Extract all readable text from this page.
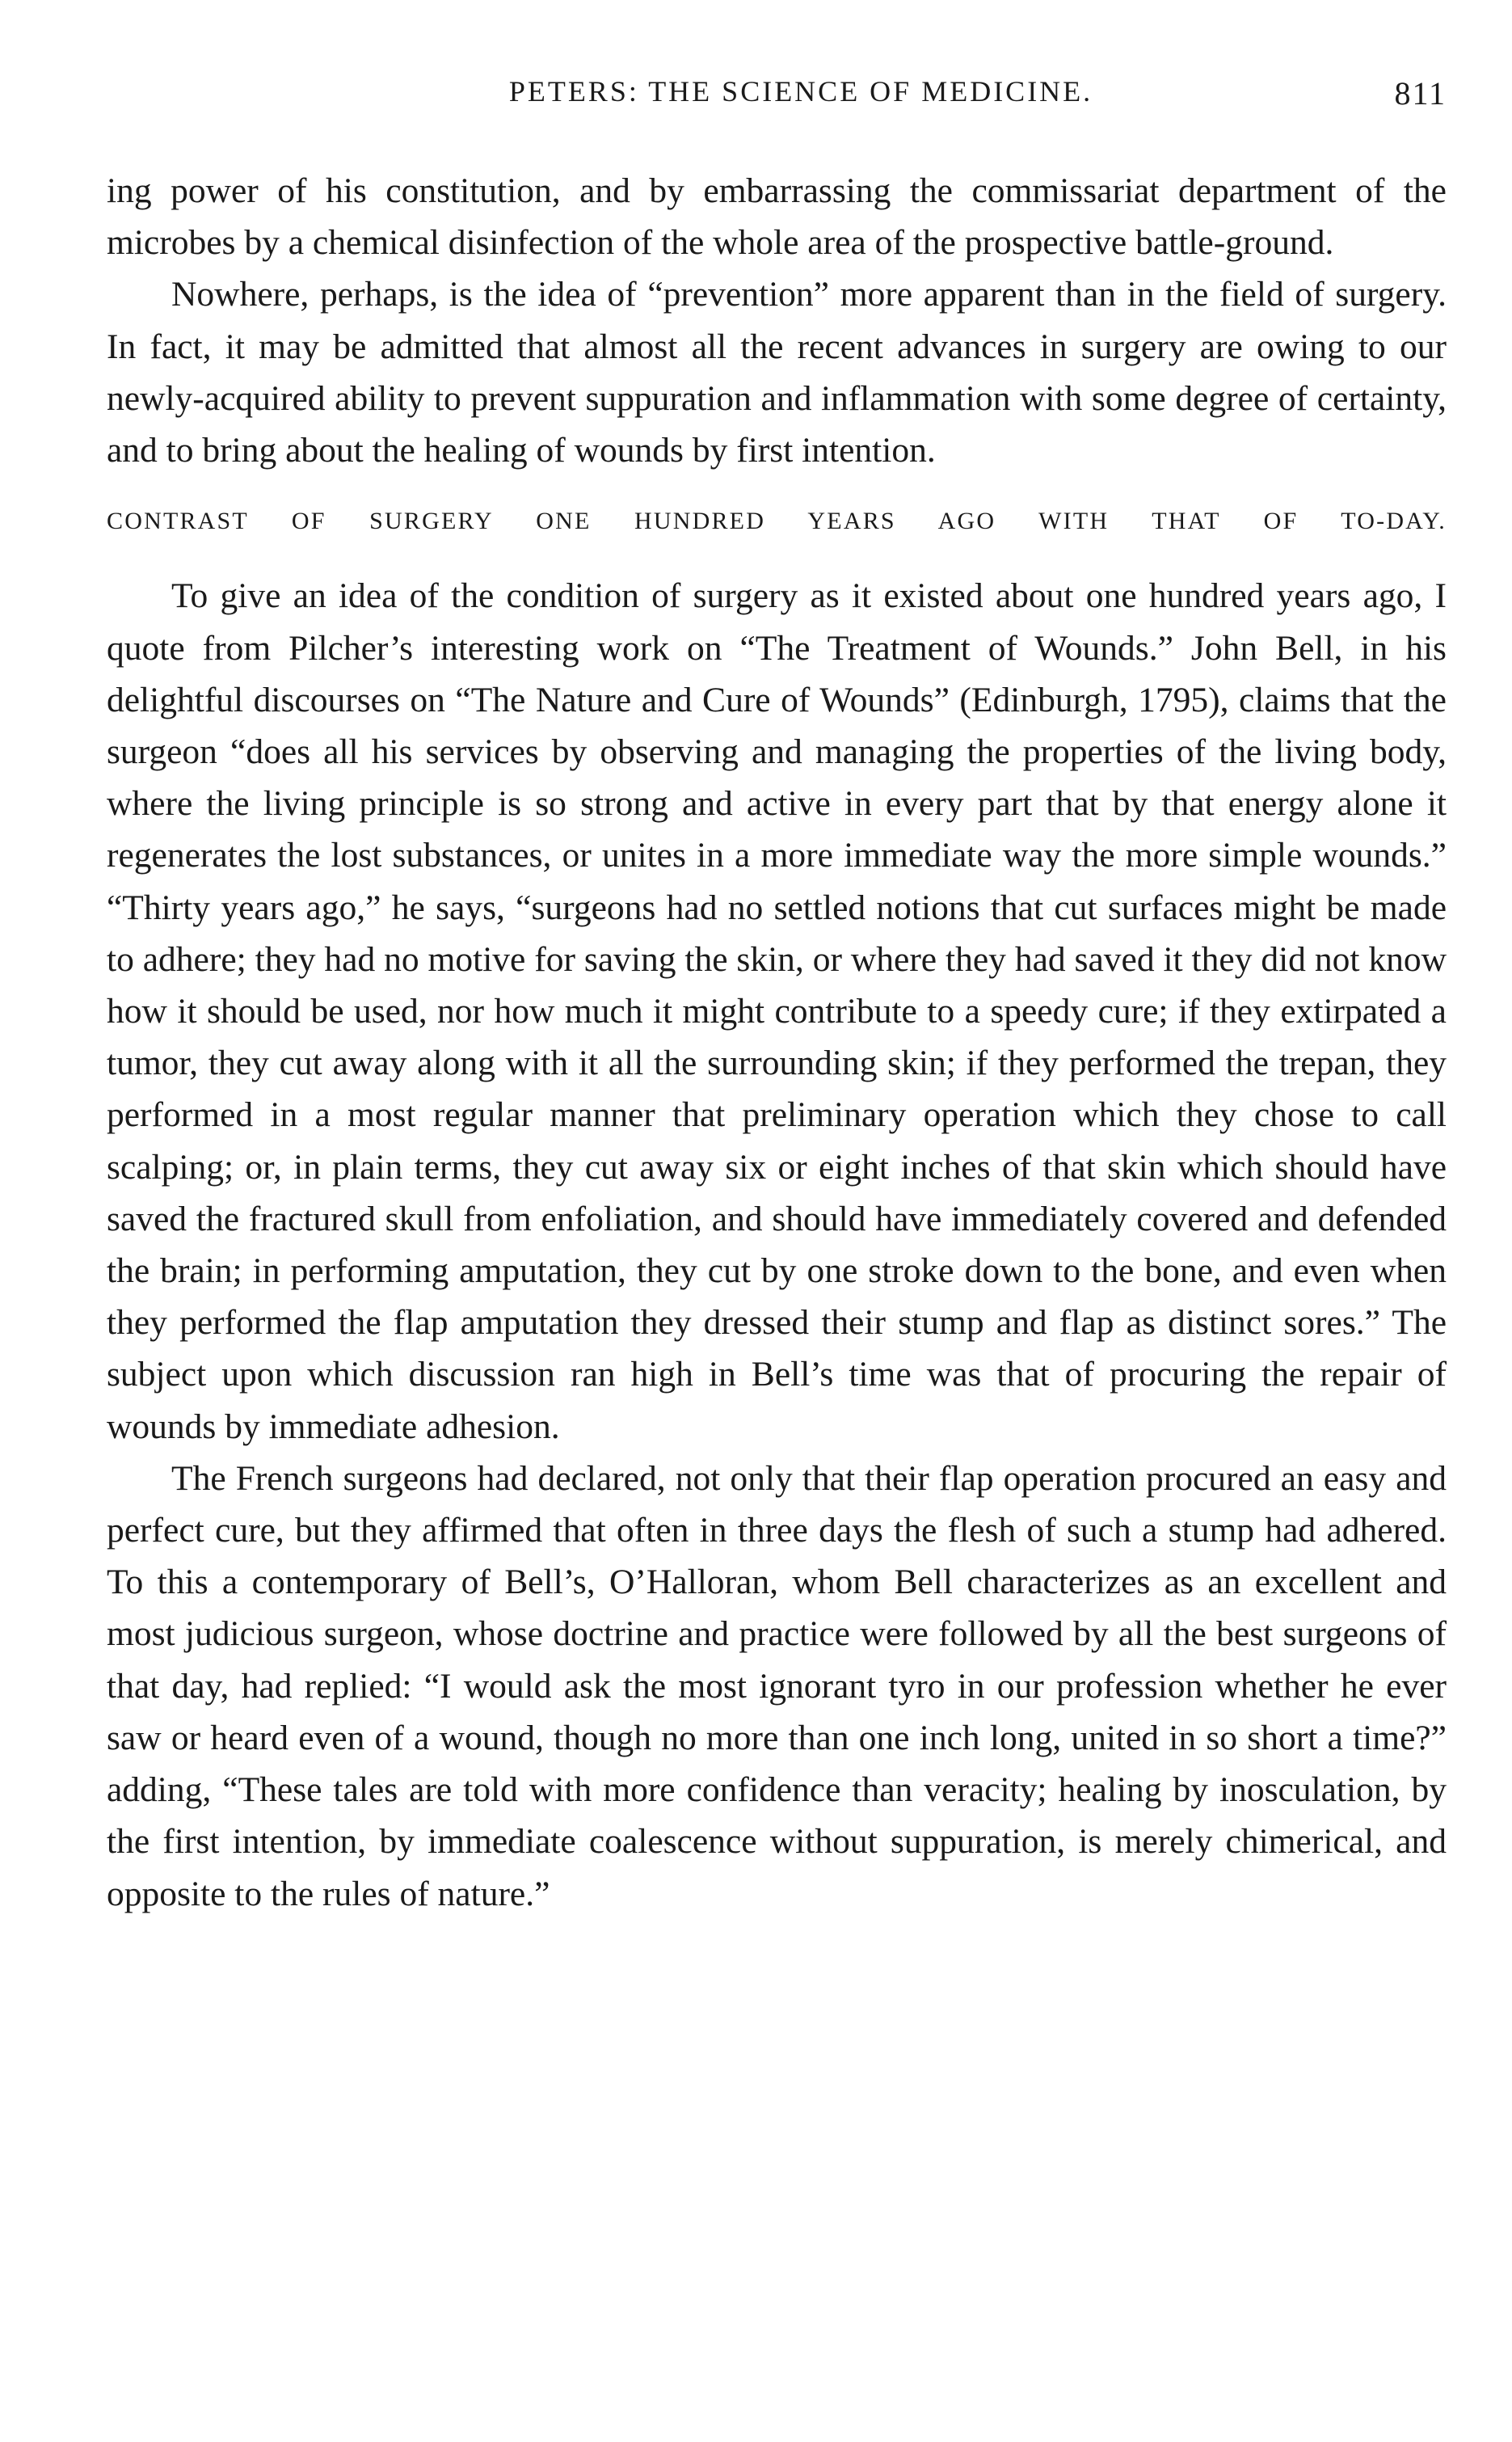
PETERS: THE SCIENCE OF MEDICINE.	811

ing power of his constitution, and by embarrassing the commissariat department of the microbes by a chemical disinfection of the whole area of the prospective battle-ground.

Nowhere, perhaps, is the idea of “prevention” more apparent than in the field of surgery. In fact, it may be admitted that almost all the recent advances in surgery are owing to our newly-acquired ability to prevent suppuration and inflammation with some degree of certainty, and to bring about the healing of wounds by first intention.

CONTRAST OF SURGERY ONE HUNDRED YEARS AGO WITH THAT OF TO-DAY.

To give an idea of the condition of surgery as it existed about one hundred years ago, I quote from Pilcher’s interesting work on “The Treatment of Wounds.” John Bell, in his delightful discourses on “The Nature and Cure of Wounds” (Edinburgh, 1795), claims that the surgeon “does all his services by observing and managing the properties of the living body, where the living principle is so strong and active in every part that by that energy alone it regenerates the lost substances, or unites in a more immediate way the more simple wounds.” “Thirty years ago,” he says, “surgeons had no settled notions that cut surfaces might be made to adhere; they had no motive for saving the skin, or where they had saved it they did not know how it should be used, nor how much it might contribute to a speedy cure; if they extirpated a tumor, they cut away along with it all the surrounding skin; if they performed the trepan, they performed in a most regular manner that preliminary operation which they chose to call scalping; or, in plain terms, they cut away six or eight inches of that skin which should have saved the fractured skull from enfoliation, and should have immediately covered and defended the brain; in performing amputation, they cut by one stroke down to the bone, and even when they performed the flap amputation they dressed their stump and flap as distinct sores.” The subject upon which discussion ran high in Bell’s time was that of procuring the repair of wounds by immediate adhesion.

The French surgeons had declared, not only that their flap operation procured an easy and perfect cure, but they affirmed that often in three days the flesh of such a stump had adhered. To this a contemporary of Bell’s, O’Halloran, whom Bell characterizes as an excellent and most judicious surgeon, whose doctrine and practice were followed by all the best surgeons of that day, had replied: “I would ask the most ignorant tyro in our profession whether he ever saw or heard even of a wound, though no more than one inch long, united in so short a time?” adding, “These tales are told with more confidence than veracity; healing by inosculation, by the first intention, by immediate coalescence without suppuration, is merely chimerical, and opposite to the rules of nature.”
